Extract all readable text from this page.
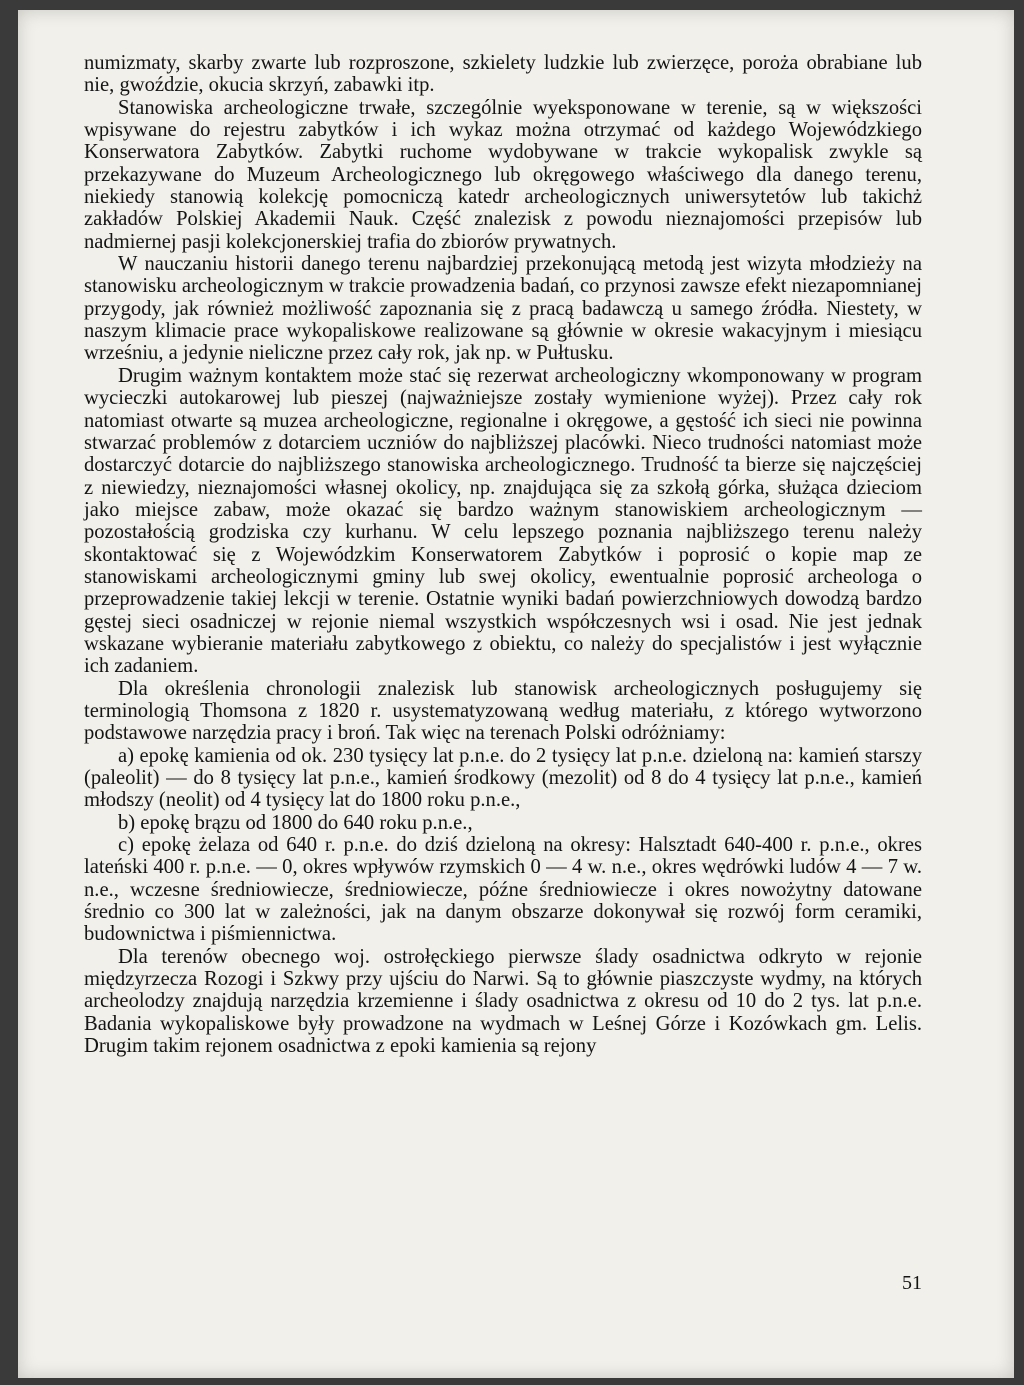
numizmaty, skarby zwarte lub rozproszone, szkielety ludzkie lub zwierzęce, poroża obrabiane lub nie, gwoździe, okucia skrzyń, zabawki itp.

Stanowiska archeologiczne trwałe, szczególnie wyeksponowane w terenie, są w większości wpisywane do rejestru zabytków i ich wykaz można otrzymać od każdego Wojewódzkiego Konserwatora Zabytków. Zabytki ruchome wydobywane w trakcie wykopalisk zwykle są przekazywane do Muzeum Archeologicznego lub okręgowego właściwego dla danego terenu, niekiedy stanowią kolekcję pomocniczą katedr archeologicznych uniwersytetów lub takichż zakładów Polskiej Akademii Nauk. Część znalezisk z powodu nieznajomości przepisów lub nadmiernej pasji kolekcjonerskiej trafia do zbiorów prywatnych.

W nauczaniu historii danego terenu najbardziej przekonującą metodą jest wizyta młodzieży na stanowisku archeologicznym w trakcie prowadzenia badań, co przynosi zawsze efekt niezapomnianej przygody, jak również możliwość zapoznania się z pracą badawczą u samego źródła. Niestety, w naszym klimacie prace wykopaliskowe realizowane są głównie w okresie wakacyjnym i miesiącu wrześniu, a jedynie nieliczne przez cały rok, jak np. w Pułtusku.

Drugim ważnym kontaktem może stać się rezerwat archeologiczny wkomponowany w program wycieczki autokarowej lub pieszej (najważniejsze zostały wymienione wyżej). Przez cały rok natomiast otwarte są muzea archeologiczne, regionalne i okręgowe, a gęstość ich sieci nie powinna stwarzać problemów z dotarciem uczniów do najbliższej placówki. Nieco trudności natomiast może dostarczyć dotarcie do najbliższego stanowiska archeologicznego. Trudność ta bierze się najczęściej z niewiedzy, nieznajomości własnej okolicy, np. znajdująca się za szkołą górka, służąca dzieciom jako miejsce zabaw, może okazać się bardzo ważnym stanowiskiem archeologicznym — pozostałością grodziska czy kurhanu. W celu lepszego poznania najbliższego terenu należy skontaktować się z Wojewódzkim Konserwatorem Zabytków i poprosić o kopie map ze stanowiskami archeologicznymi gminy lub swej okolicy, ewentualnie poprosić archeologa o przeprowadzenie takiej lekcji w terenie. Ostatnie wyniki badań powierzchniowych dowodzą bardzo gęstej sieci osadniczej w rejonie niemal wszystkich współczesnych wsi i osad. Nie jest jednak wskazane wybieranie materiału zabytkowego z obiektu, co należy do specjalistów i jest wyłącznie ich zadaniem.

Dla określenia chronologii znalezisk lub stanowisk archeologicznych posługujemy się terminologią Thomsona z 1820 r. usystematyzowaną według materiału, z którego wytworzono podstawowe narzędzia pracy i broń. Tak więc na terenach Polski odróżniamy:

a) epokę kamienia od ok. 230 tysięcy lat p.n.e. do 2 tysięcy lat p.n.e. dzieloną na: kamień starszy (paleolit) — do 8 tysięcy lat p.n.e., kamień środkowy (mezolit) od 8 do 4 tysięcy lat p.n.e., kamień młodszy (neolit) od 4 tysięcy lat do 1800 roku p.n.e.,

b) epokę brązu od 1800 do 640 roku p.n.e.,

c) epokę żelaza od 640 r. p.n.e. do dziś dzieloną na okresy: Halsztadt 640-400 r. p.n.e., okres lateński 400 r. p.n.e. — 0, okres wpływów rzymskich 0 — 4 w. n.e., okres wędrówki ludów 4 — 7 w. n.e., wczesne średniowiecze, średniowiecze, późne średniowiecze i okres nowożytny datowane średnio co 300 lat w zależności, jak na danym obszarze dokonywał się rozwój form ceramiki, budownictwa i piśmiennictwa.

Dla terenów obecnego woj. ostrołęckiego pierwsze ślady osadnictwa odkryto w rejonie międzyrzecza Rozogi i Szkwy przy ujściu do Narwi. Są to głównie piaszczyste wydmy, na których archeolodzy znajdują narzędzia krzemienne i ślady osadnictwa z okresu od 10 do 2 tys. lat p.n.e. Badania wykopaliskowe były prowadzone na wydmach w Leśnej Górze i Kozówkach gm. Lelis. Drugim takim rejonem osadnictwa z epoki kamienia są rejony

51
